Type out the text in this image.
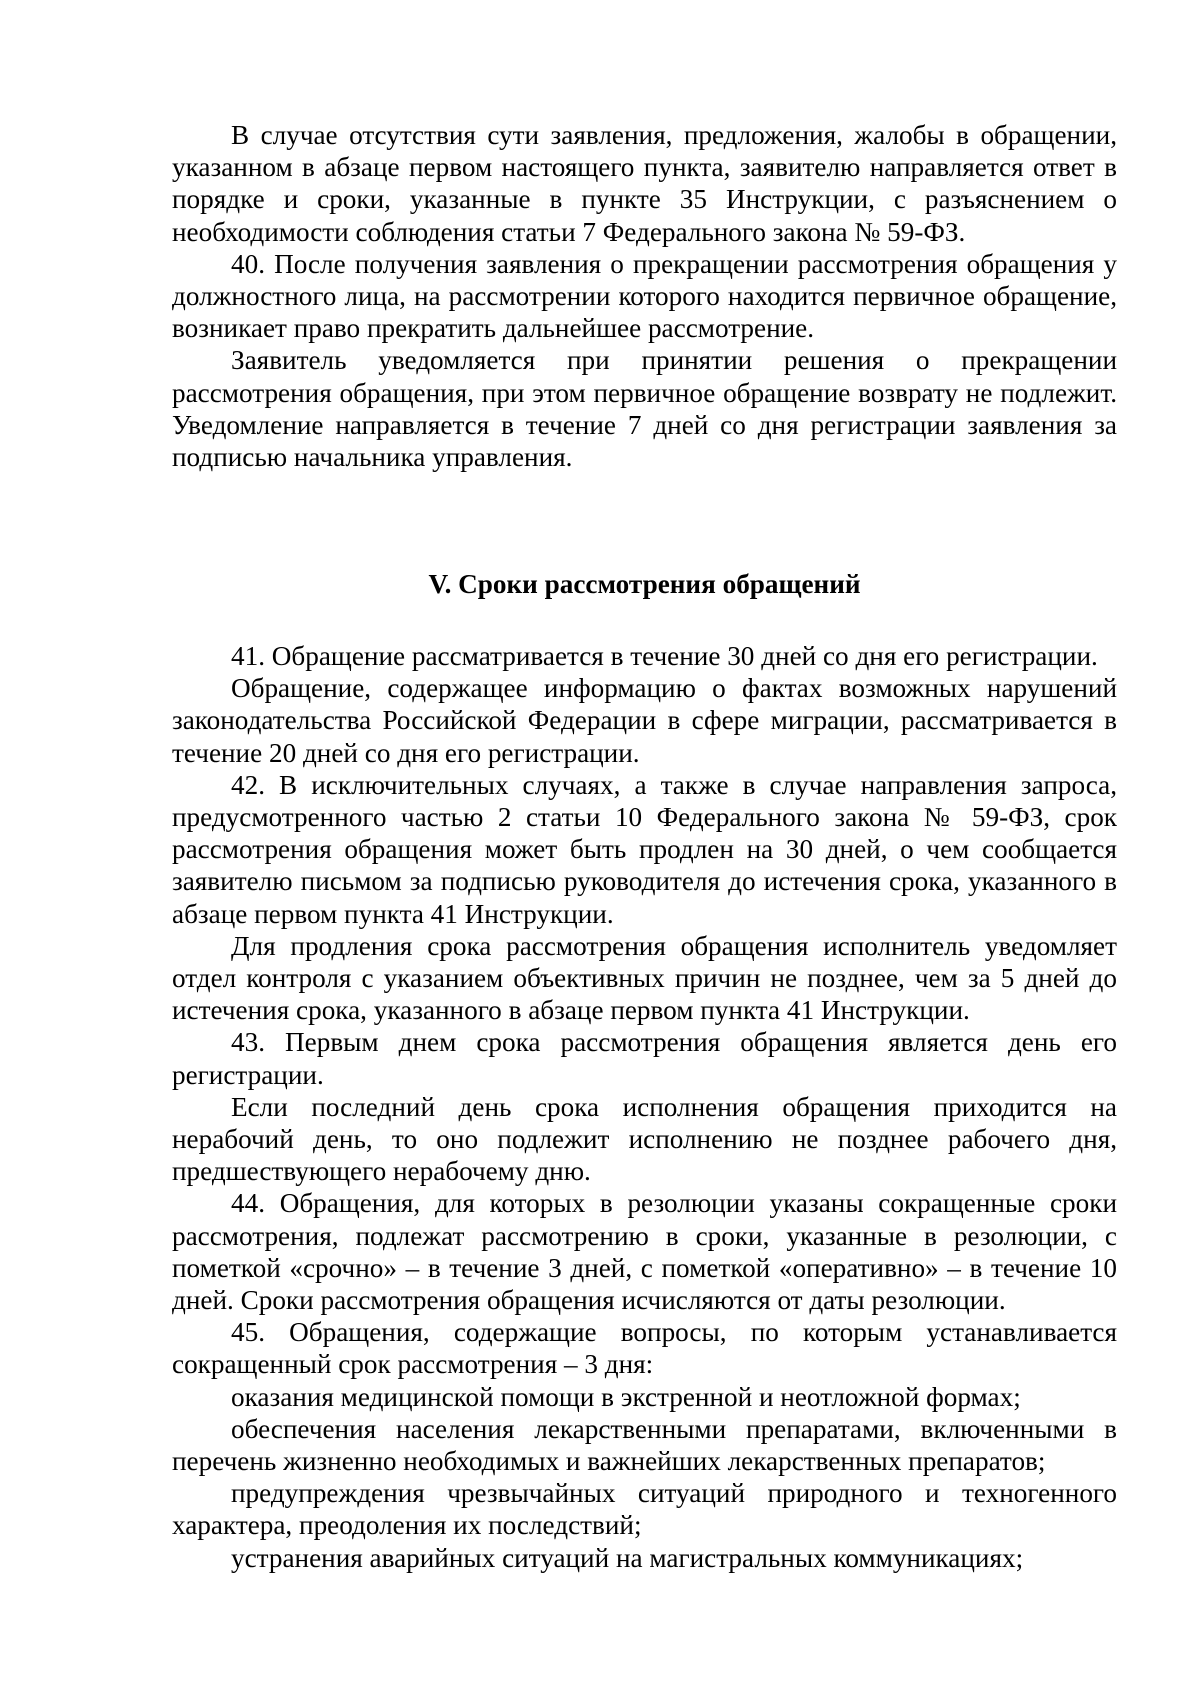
В случае отсутствия сути заявления, предложения, жалобы в обращении, указанном в абзаце первом настоящего пункта, заявителю направляется ответ в порядке и сроки, указанные в пункте 35 Инструкции, с разъяснением о необходимости соблюдения статьи 7 Федерального закона № 59-ФЗ.

40. После получения заявления о прекращении рассмотрения обращения у должностного лица, на рассмотрении которого находится первичное обращение, возникает право прекратить дальнейшее рассмотрение.

Заявитель уведомляется при принятии решения о прекращении рассмотрения обращения, при этом первичное обращение возврату не подлежит. Уведомление направляется в течение 7 дней со дня регистрации заявления за подписью начальника управления.

V. Сроки рассмотрения обращений

41. Обращение рассматривается в течение 30 дней со дня его регистрации.

Обращение, содержащее информацию о фактах возможных нарушений законодательства Российской Федерации в сфере миграции, рассматривается в течение 20 дней со дня его регистрации.

42. В исключительных случаях, а также в случае направления запроса, предусмотренного частью 2 статьи 10 Федерального закона № 59-ФЗ, срок рассмотрения обращения может быть продлен на 30 дней, о чем сообщается заявителю письмом за подписью руководителя до истечения срока, указанного в абзаце первом пункта 41 Инструкции.

Для продления срока рассмотрения обращения исполнитель уведомляет отдел контроля с указанием объективных причин не позднее, чем за 5 дней до истечения срока, указанного в абзаце первом пункта 41 Инструкции.

43. Первым днем срока рассмотрения обращения является день его регистрации.

Если последний день срока исполнения обращения приходится на нерабочий день, то оно подлежит исполнению не позднее рабочего дня, предшествующего нерабочему дню.

44. Обращения, для которых в резолюции указаны сокращенные сроки рассмотрения, подлежат рассмотрению в сроки, указанные в резолюции, с пометкой «срочно» – в течение 3 дней, с пометкой «оперативно» – в течение 10 дней. Сроки рассмотрения обращения исчисляются от даты резолюции.

45. Обращения, содержащие вопросы, по которым устанавливается сокращенный срок рассмотрения – 3 дня:

оказания медицинской помощи в экстренной и неотложной формах;

обеспечения населения лекарственными препаратами, включенными в перечень жизненно необходимых и важнейших лекарственных препаратов;

предупреждения чрезвычайных ситуаций природного и техногенного характера, преодоления их последствий;

устранения аварийных ситуаций на магистральных коммуникациях;
